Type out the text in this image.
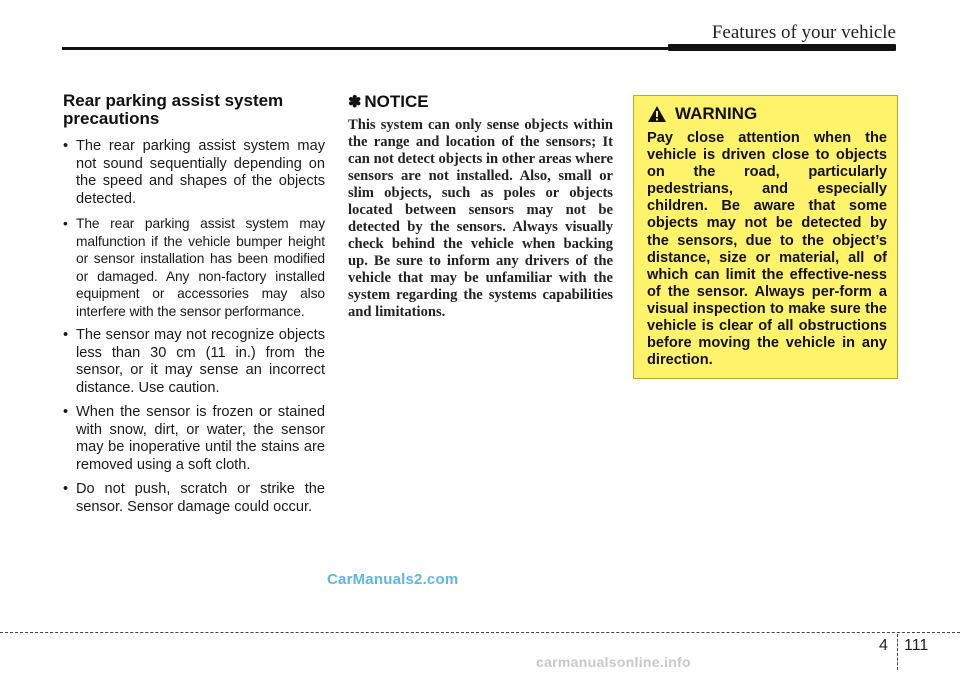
Features of your vehicle
Rear parking assist system precautions
• The rear parking assist system may not sound sequentially depending on the speed and shapes of the objects detected.
• The rear parking assist system may malfunction if the vehicle bumper height or sensor installation has been modified or damaged. Any non-factory installed equipment or accessories may also interfere with the sensor performance.
• The sensor may not recognize objects less than 30 cm (11 in.) from the sensor, or it may sense an incorrect distance. Use caution.
• When the sensor is frozen or stained with snow, dirt, or water, the sensor may be inoperative until the stains are removed using a soft cloth.
• Do not push, scratch or strike the sensor. Sensor damage could occur.
✽ NOTICE

This system can only sense objects within the range and location of the sensors; It can not detect objects in other areas where sensors are not installed. Also, small or slim objects, such as poles or objects located between sensors may not be detected by the sensors. Always visually check behind the vehicle when backing up. Be sure to inform any drivers of the vehicle that may be unfamiliar with the system regarding the systems capabilities and limitations.

WARNING

Pay close attention when the vehicle is driven close to objects on the road, particularly pedestrians, and especially children. Be aware that some objects may not be detected by the sensors, due to the object’s distance, size or material, all of which can limit the effective-ness of the sensor. Always per-form a visual inspection to make sure the vehicle is clear of all obstructions before moving the vehicle in any direction.

CarManuals2.com
4 111
carmanualsonline.info
